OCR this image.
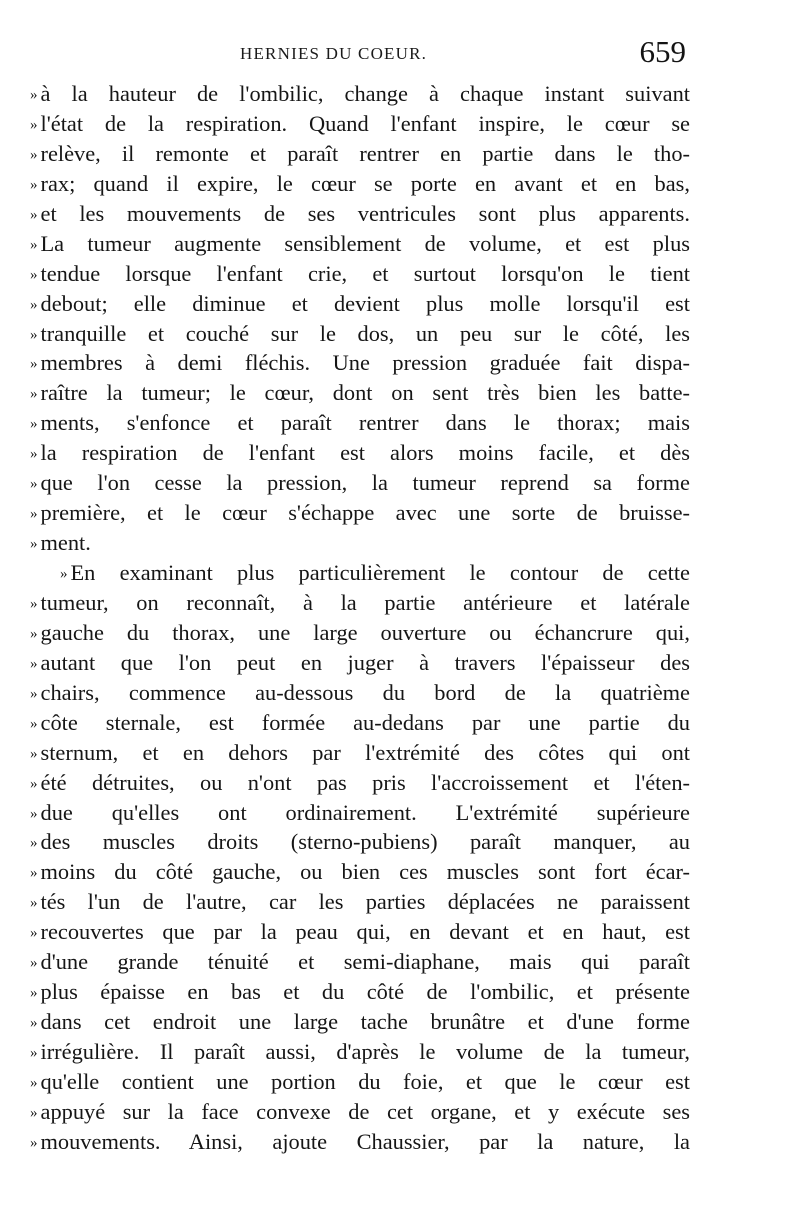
HERNIES DU COEUR.	659
» à la hauteur de l'ombilic, change à chaque instant suivant
» l'état de la respiration. Quand l'enfant inspire, le cœur se
» relève, il remonte et paraît rentrer en partie dans le tho-
» rax; quand il expire, le cœur se porte en avant et en bas,
» et les mouvements de ses ventricules sont plus apparents.
» La tumeur augmente sensiblement de volume, et est plus
» tendue lorsque l'enfant crie, et surtout lorsqu'on le tient
» debout; elle diminue et devient plus molle lorsqu'il est
» tranquille et couché sur le dos, un peu sur le côté, les
» membres à demi fléchis. Une pression graduée fait dispa-
» raître la tumeur; le cœur, dont on sent très bien les batte-
» ments, s'enfonce et paraît rentrer dans le thorax; mais
» la respiration de l'enfant est alors moins facile, et dès
» que l'on cesse la pression, la tumeur reprend sa forme
» première, et le cœur s'échappe avec une sorte de bruisse-
» ment.
» En examinant plus particulièrement le contour de cette
» tumeur, on reconnaît, à la partie antérieure et latérale
» gauche du thorax, une large ouverture ou échancrure qui,
» autant que l'on peut en juger à travers l'épaisseur des
» chairs, commence au-dessous du bord de la quatrième
» côte sternale, est formée au-dedans par une partie du
» sternum, et en dehors par l'extrémité des côtes qui ont
» été détruites, ou n'ont pas pris l'accroissement et l'éten-
» due qu'elles ont ordinairement. L'extrémité supérieure
» des muscles droits (sterno-pubiens) paraît manquer, au
» moins du côté gauche, ou bien ces muscles sont fort écar-
» tés l'un de l'autre, car les parties déplacées ne paraissent
» recouvertes que par la peau qui, en devant et en haut, est
» d'une grande ténuité et semi-diaphane, mais qui paraît
» plus épaisse en bas et du côté de l'ombilic, et présente
» dans cet endroit une large tache brunâtre et d'une forme
» irrégulière. Il paraît aussi, d'après le volume de la tumeur,
» qu'elle contient une portion du foie, et que le cœur est
» appuyé sur la face convexe de cet organe, et y exécute ses
» mouvements. Ainsi, ajoute Chaussier, par la nature, la
